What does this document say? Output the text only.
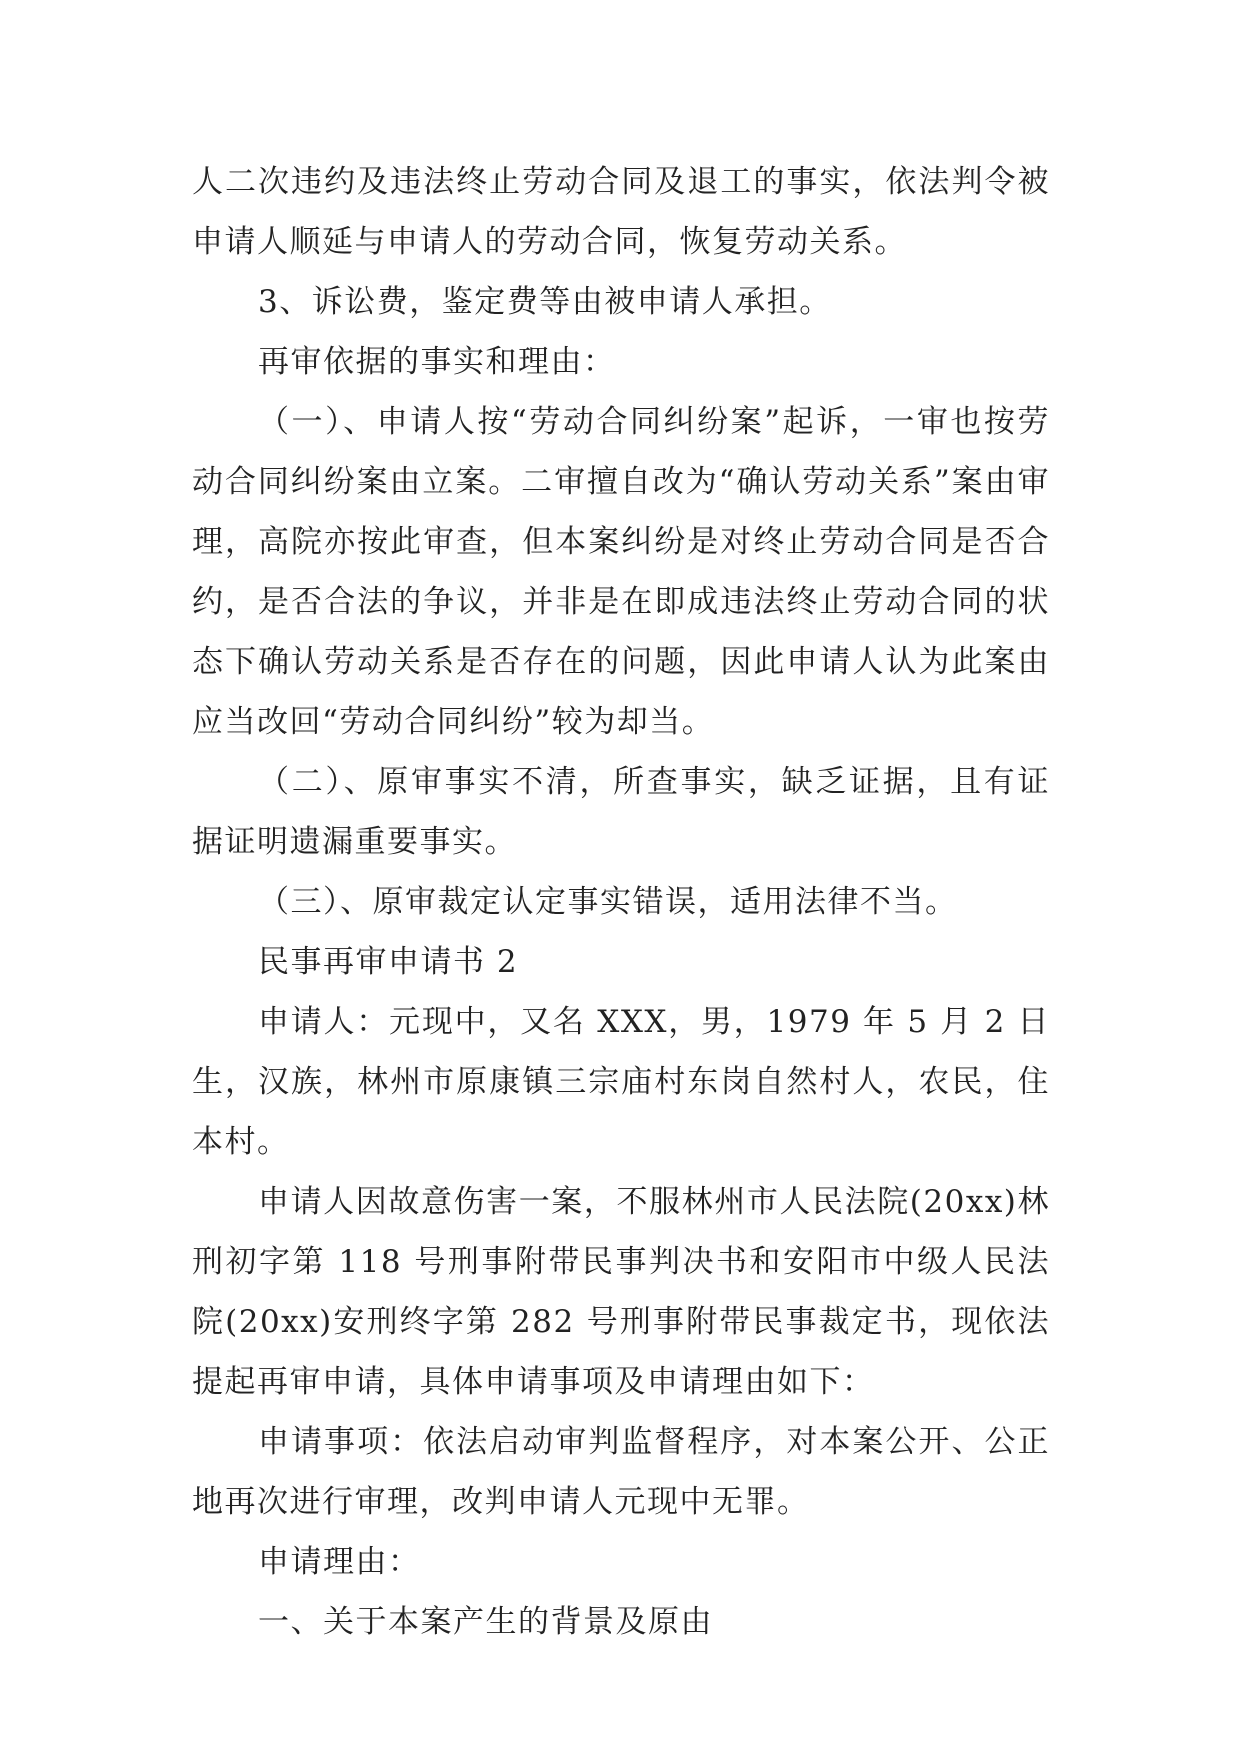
人二次违约及违法终止劳动合同及退工的事实，依法判令被申请人顺延与申请人的劳动合同，恢复劳动关系。

3、诉讼费，鉴定费等由被申请人承担。

再审依据的事实和理由：

（一）、申请人按“劳动合同纠纷案”起诉，一审也按劳动合同纠纷案由立案。二审擅自改为“确认劳动关系”案由审理，高院亦按此审查，但本案纠纷是对终止劳动合同是否合约，是否合法的争议，并非是在即成违法终止劳动合同的状态下确认劳动关系是否存在的问题，因此申请人认为此案由应当改回“劳动合同纠纷”较为却当。

（二）、原审事实不清，所查事实，缺乏证据，且有证据证明遗漏重要事实。

（三）、原审裁定认定事实错误，适用法律不当。

民事再审申请书 2

申请人：元现中，又名 XXX，男，1979 年 5 月 2 日生，汉族，林州市原康镇三宗庙村东岗自然村人，农民，住本村。

申请人因故意伤害一案，不服林州市人民法院(20xx)林刑初字第 118 号刑事附带民事判决书和安阳市中级人民法院(20xx)安刑终字第 282 号刑事附带民事裁定书，现依法提起再审申请，具体申请事项及申请理由如下：

申请事项：依法启动审判监督程序，对本案公开、公正地再次进行审理，改判申请人元现中无罪。

申请理由：

一、关于本案产生的背景及原由
